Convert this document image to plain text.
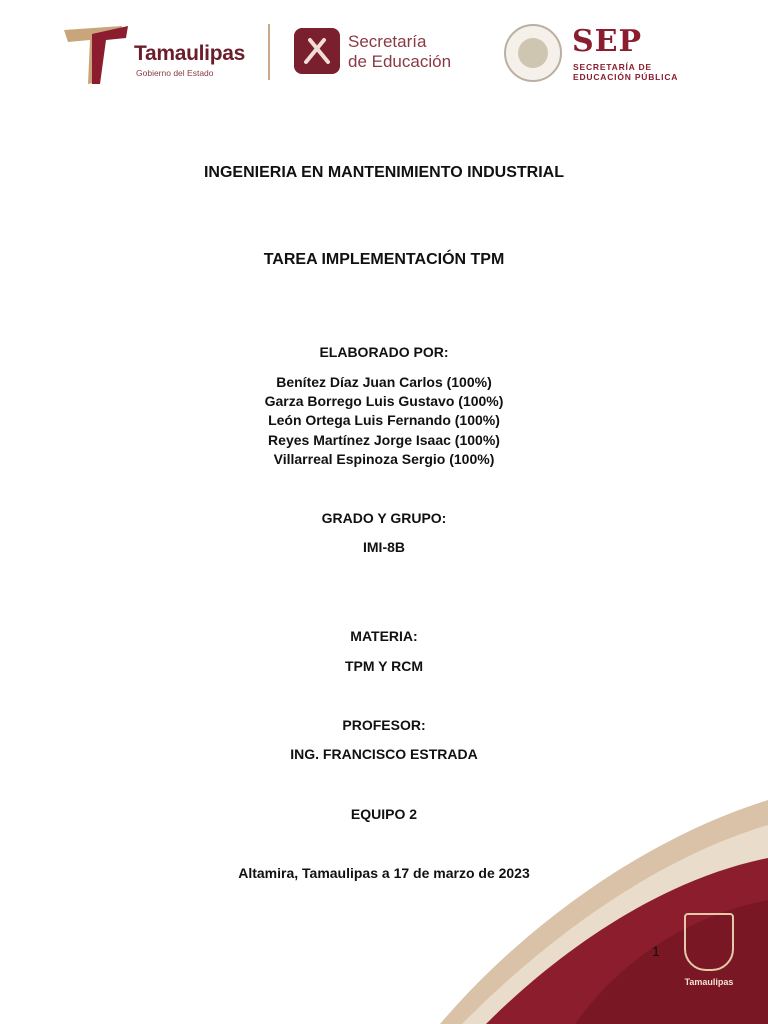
Tamaulipas
Gobierno del Estado
Secretaría
de Educación
SEP
SECRETARÍA DE
EDUCACIÓN PÚBLICA
INGENIERIA EN MANTENIMIENTO INDUSTRIAL
TAREA IMPLEMENTACIÓN TPM
ELABORADO POR:
Benítez Díaz Juan Carlos (100%)
Garza Borrego Luis Gustavo (100%)
León Ortega Luis Fernando (100%)
Reyes Martínez Jorge Isaac (100%)
Villarreal Espinoza Sergio (100%)
GRADO Y GRUPO:
IMI-8B
MATERIA:
TPM Y RCM
PROFESOR:
ING. FRANCISCO ESTRADA
EQUIPO 2
Altamira, Tamaulipas a 17 de marzo de 2023
1
Tamaulipas
